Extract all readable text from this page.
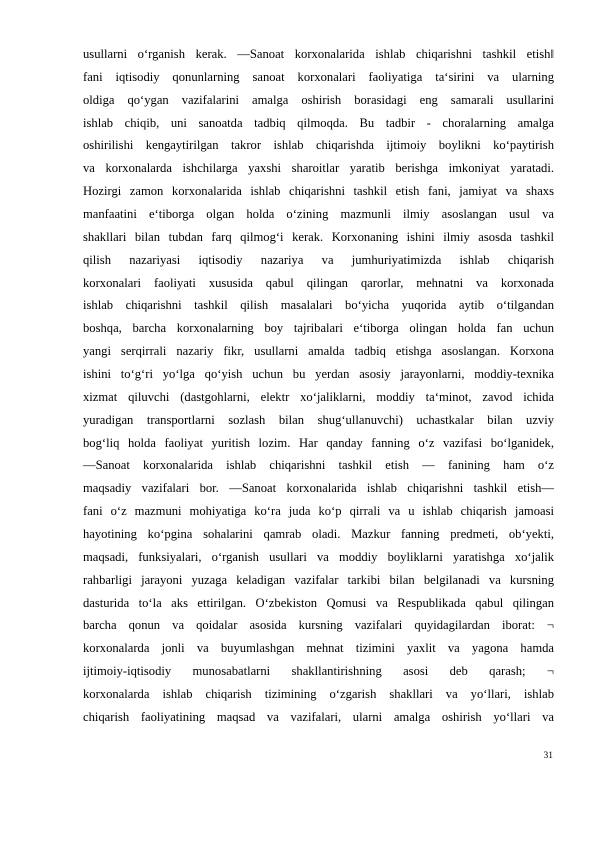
usullarni o‘rganish kerak. —Sanoat korxonalarida ishlab chiqarishni tashkil etish‖
fani iqtisodiy qonunlarning sanoat korxonalari faoliyatiga ta‘sirini va ularning
oldiga qo‘ygan vazifalarini amalga oshirish borasidagi eng samarali usullarini
ishlab chiqib, uni sanoatda tadbiq qilmoqda. Bu tadbir - choralarning amalga
oshirilishi kengaytirilgan takror ishlab chiqarishda ijtimoiy boylikni ko‘paytirish
va korxonalarda ishchilarga yaxshi sharoitlar yaratib berishga imkoniyat yaratadi.
Hozirgi zamon korxonalarida ishlab chiqarishni tashkil etish fani, jamiyat va shaxs
manfaatini e‘tiborga olgan holda o‘zining mazmunli ilmiy asoslangan usul va
shakllari bilan tubdan farq qilmog‘i kerak. Korxonaning ishini ilmiy asosda tashkil
qilish nazariyasi iqtisodiy nazariya va jumhuriyatimizda ishlab chiqarish
korxonalari faoliyati xususida qabul qilingan qarorlar, mehnatni va korxonada
ishlab chiqarishni tashkil qilish masalalari bo‘yicha yuqorida aytib o‘tilgandan
boshqa, barcha korxonalarning boy tajribalari e‘tiborga olingan holda fan uchun
yangi serqirrali nazariy fikr, usullarni amalda tadbiq etishga asoslangan. Korxona
ishini to‘g‘ri yo‘lga qo‘yish uchun bu yerdan asosiy jarayonlarni, moddiy-texnika
xizmat qiluvchi (dastgohlarni, elektr xo‘jaliklarni, moddiy ta‘minot, zavod ichida
yuradigan transportlarni sozlash bilan shug‘ullanuvchi) uchastkalar bilan uzviy
bog‘liq holda faoliyat yuritish lozim. Har qanday fanning o‘z vazifasi bo‘lganidek,
—Sanoat korxonalarida ishlab chiqarishni tashkil etish — fanining ham o‘z
maqsadiy vazifalari bor. —Sanoat korxonalarida ishlab chiqarishni tashkil etish—
fani o‘z mazmuni mohiyatiga ko‘ra juda ko‘p qirrali va u ishlab chiqarish jamoasi
hayotining ko‘pgina sohalarini qamrab oladi. Mazkur fanning predmeti, ob‘yekti,
maqsadi, funksiyalari, o‘rganish usullari va moddiy boyliklarni yaratishga xo‘jalik
rahbarligi jarayoni yuzaga keladigan vazifalar tarkibi bilan belgilanadi va kursning
dasturida to‘la aks ettirilgan. O‘zbekiston Qomusi va Respublikada qabul qilingan
barcha qonun va qoidalar asosida kursning vazifalari quyidagilardan iborat: ¬
korxonalarda jonli va buyumlashgan mehnat tizimini yaxlit va yagona hamda
ijtimoiy-iqtisodiy munosabatlarni shakllantirishning asosi deb qarash; ¬
korxonalarda ishlab chiqarish tizimining o‘zgarish shakllari va yo‘llari, ishlab
chiqarish faoliyatining maqsad va vazifalari, ularni amalga oshirish yo‘llari va
31
